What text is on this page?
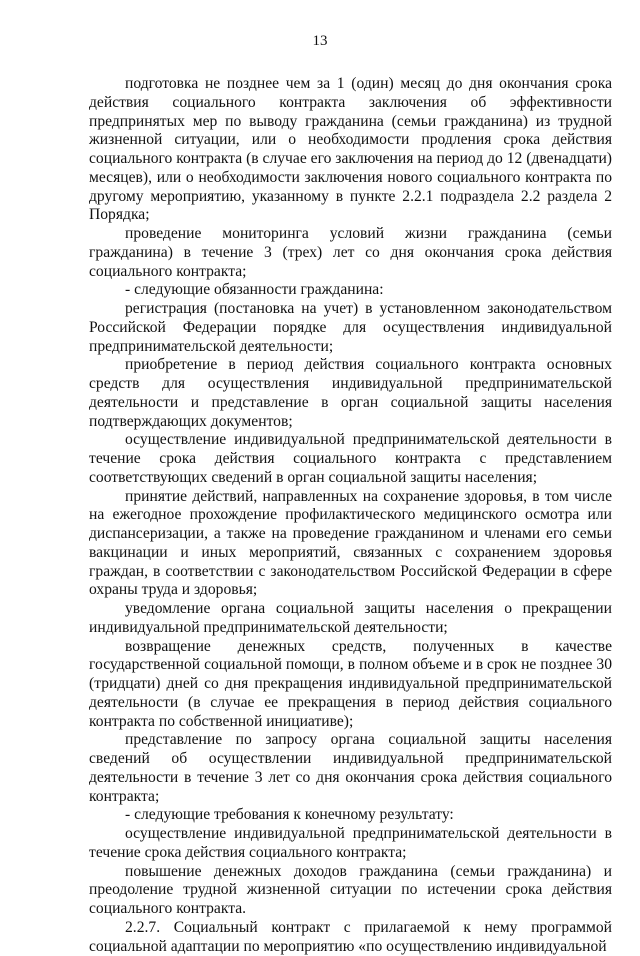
13

подготовка не позднее чем за 1 (один) месяц до дня окончания срока действия социального контракта заключения об эффективности предпринятых мер по выводу гражданина (семьи гражданина) из трудной жизненной ситуации, или о необходимости продления срока действия социального контракта (в случае его заключения на период до 12 (двенадцати) месяцев), или о необходимости заключения нового социального контракта по другому мероприятию, указанному в пункте 2.2.1 подраздела 2.2 раздела 2 Порядка;

проведение мониторинга условий жизни гражданина (семьи гражданина) в течение 3 (трех) лет со дня окончания срока действия социального контракта;

- следующие обязанности гражданина:

регистрация (постановка на учет) в установленном законодательством Российской Федерации порядке для осуществления индивидуальной предпринимательской деятельности;

приобретение в период действия социального контракта основных средств для осуществления индивидуальной предпринимательской деятельности и представление в орган социальной защиты населения подтверждающих документов;

осуществление индивидуальной предпринимательской деятельности в течение срока действия социального контракта с представлением соответствующих сведений в орган социальной защиты населения;

принятие действий, направленных на сохранение здоровья, в том числе на ежегодное прохождение профилактического медицинского осмотра или диспансеризации, а также на проведение гражданином и членами его семьи вакцинации и иных мероприятий, связанных с сохранением здоровья граждан, в соответствии с законодательством Российской Федерации в сфере охраны труда и здоровья;

уведомление органа социальной защиты населения о прекращении индивидуальной предпринимательской деятельности;

возвращение денежных средств, полученных в качестве государственной социальной помощи, в полном объеме и в срок не позднее 30 (тридцати) дней со дня прекращения индивидуальной предпринимательской деятельности (в случае ее прекращения в период действия социального контракта по собственной инициативе);

представление по запросу органа социальной защиты населения сведений об осуществлении индивидуальной предпринимательской деятельности в течение 3 лет со дня окончания срока действия социального контракта;

- следующие требования к конечному результату:

осуществление индивидуальной предпринимательской деятельности в течение срока действия социального контракта;

повышение денежных доходов гражданина (семьи гражданина) и преодоление трудной жизненной ситуации по истечении срока действия социального контракта.

2.2.7. Социальный контракт с прилагаемой к нему программой социальной адаптации по мероприятию «по осуществлению индивидуальной
